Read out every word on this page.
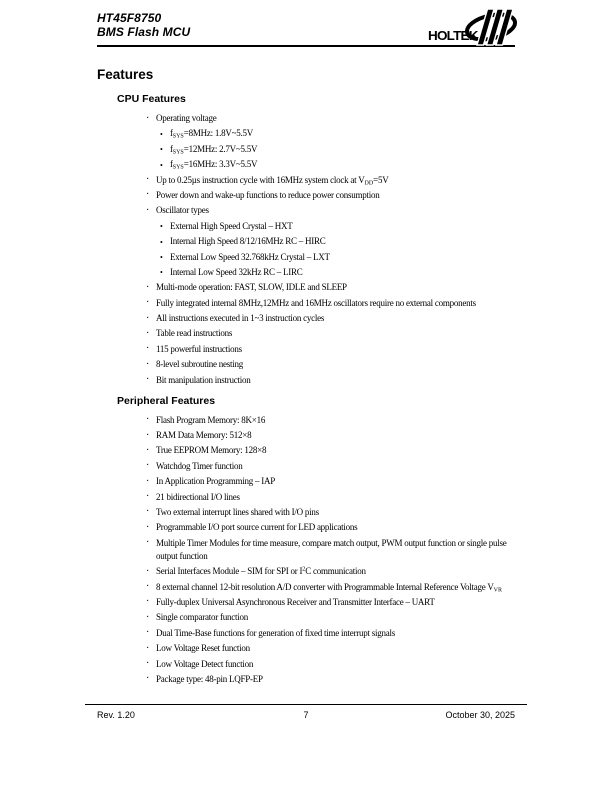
HT45F8750
BMS Flash MCU	HOLTEK
Features
CPU Features
· Operating voltage
• $f_{SYS}=8MHz$: 1.8V~5.5V
• $f_{SYS}=12MHz$: 2.7V~5.5V
• $f_{SYS}=16MHz$: 3.3V~5.5V
· Up to 0.25µs instruction cycle with 16MHz system clock at $V_{DD}=5V$
· Power down and wake-up functions to reduce power consumption
· Oscillator types
• External High Speed Crystal – HXT
• Internal High Speed 8/12/16MHz RC – HIRC
• External Low Speed 32.768kHz Crystal – LXT
• Internal Low Speed 32kHz RC – LIRC
· Multi-mode operation: FAST, SLOW, IDLE and SLEEP
· Fully integrated internal 8MHz,12MHz and 16MHz oscillators require no external components
· All instructions executed in 1~3 instruction cycles
· Table read instructions
· 115 powerful instructions
· 8-level subroutine nesting
· Bit manipulation instruction
Peripheral Features
· Flash Program Memory: 8K×16
· RAM Data Memory: 512×8
· True EEPROM Memory: 128×8
· Watchdog Timer function
· In Application Programming – IAP
· 21 bidirectional I/O lines
· Two external interrupt lines shared with I/O pins
· Programmable I/O port source current for LED applications
· Multiple Timer Modules for time measure, compare match output, PWM output function or single pulse output function
· Serial Interfaces Module – SIM for SPI or $I^2C$ communication
· 8 external channel 12-bit resolution A/D converter with Programmable Internal Reference Voltage $V_{VR}$
· Fully-duplex Universal Asynchronous Receiver and Transmitter Interface – UART
· Single comparator function
· Dual Time-Base functions for generation of fixed time interrupt signals
· Low Voltage Reset function
· Low Voltage Detect function
· Package type: 48-pin LQFP-EP
Rev. 1.20	7	October 30, 2025
